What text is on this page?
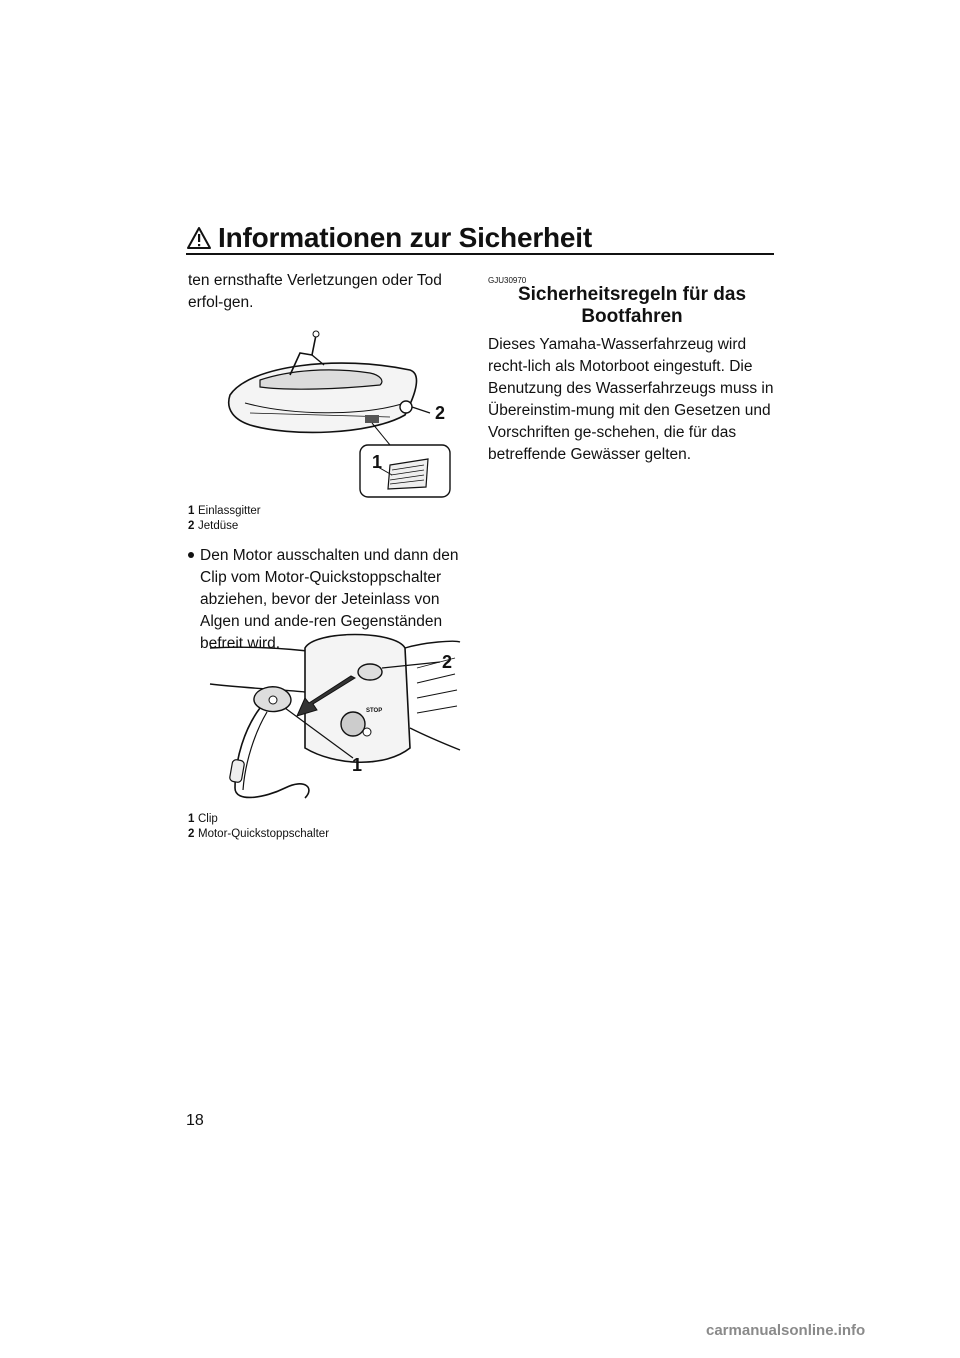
Informationen zur Sicherheit
ten ernsthafte Verletzungen oder Tod erfol-gen.
2
1
1 Einlassgitter
2 Jetdüse
Den Motor ausschalten und dann den Clip vom Motor-Quickstoppschalter abziehen, bevor der Jeteinlass von Algen und ande-ren Gegenständen befreit wird.
STOP
2
1
1 Clip
2 Motor-Quickstoppschalter
GJU30970
Sicherheitsregeln für das Bootfahren
Dieses Yamaha-Wasserfahrzeug wird recht-lich als Motorboot eingestuft. Die Benutzung des Wasserfahrzeugs muss in Übereinstim-mung mit den Gesetzen und Vorschriften ge-schehen, die für das betreffende Gewässer gelten.
18
carmanualsonline.info
